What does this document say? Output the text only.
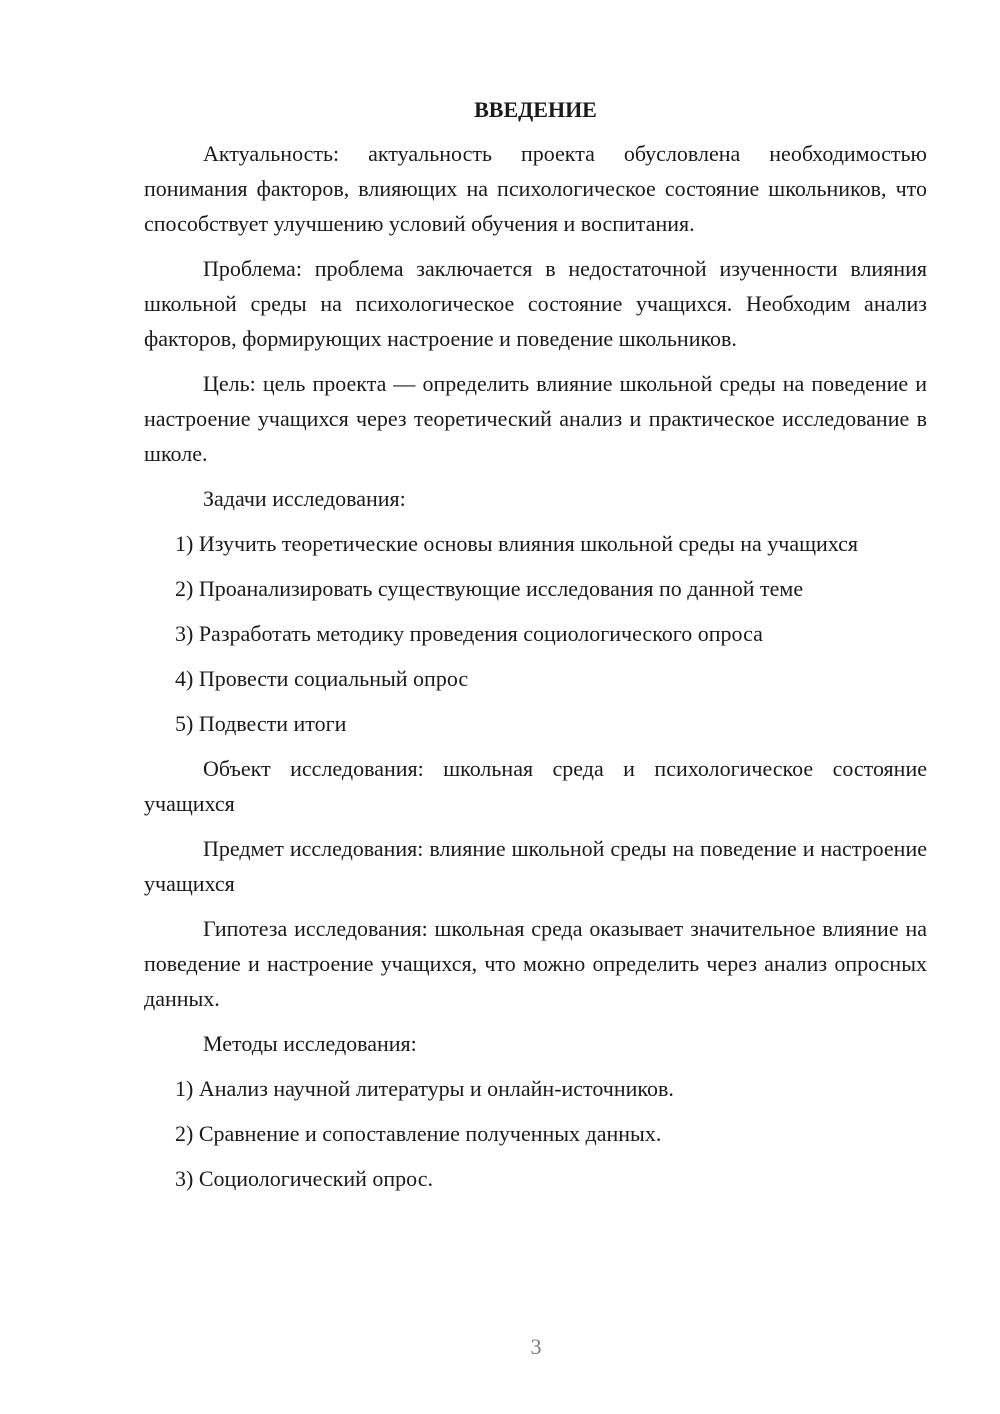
ВВЕДЕНИЕ

Актуальность: актуальность проекта обусловлена необходимостью понимания факторов, влияющих на психологическое состояние школьников, что способствует улучшению условий обучения и воспитания.

Проблема: проблема заключается в недостаточной изученности влияния школьной среды на психологическое состояние учащихся. Необходим анализ факторов, формирующих настроение и поведение школьников.

Цель: цель проекта — определить влияние школьной среды на поведение и настроение учащихся через теоретический анализ и практическое исследование в школе.

Задачи исследования:

1) Изучить теоретические основы влияния школьной среды на учащихся

2) Проанализировать существующие исследования по данной теме

3) Разработать методику проведения социологического опроса

4) Провести социальный опрос

5) Подвести итоги

Объект исследования: школьная среда и психологическое состояние учащихся

Предмет исследования: влияние школьной среды на поведение и настроение учащихся

Гипотеза исследования: школьная среда оказывает значительное влияние на поведение и настроение учащихся, что можно определить через анализ опросных данных.

Методы исследования:

1) Анализ научной литературы и онлайн-источников.

2) Сравнение и сопоставление полученных данных.

3) Социологический опрос.

3
